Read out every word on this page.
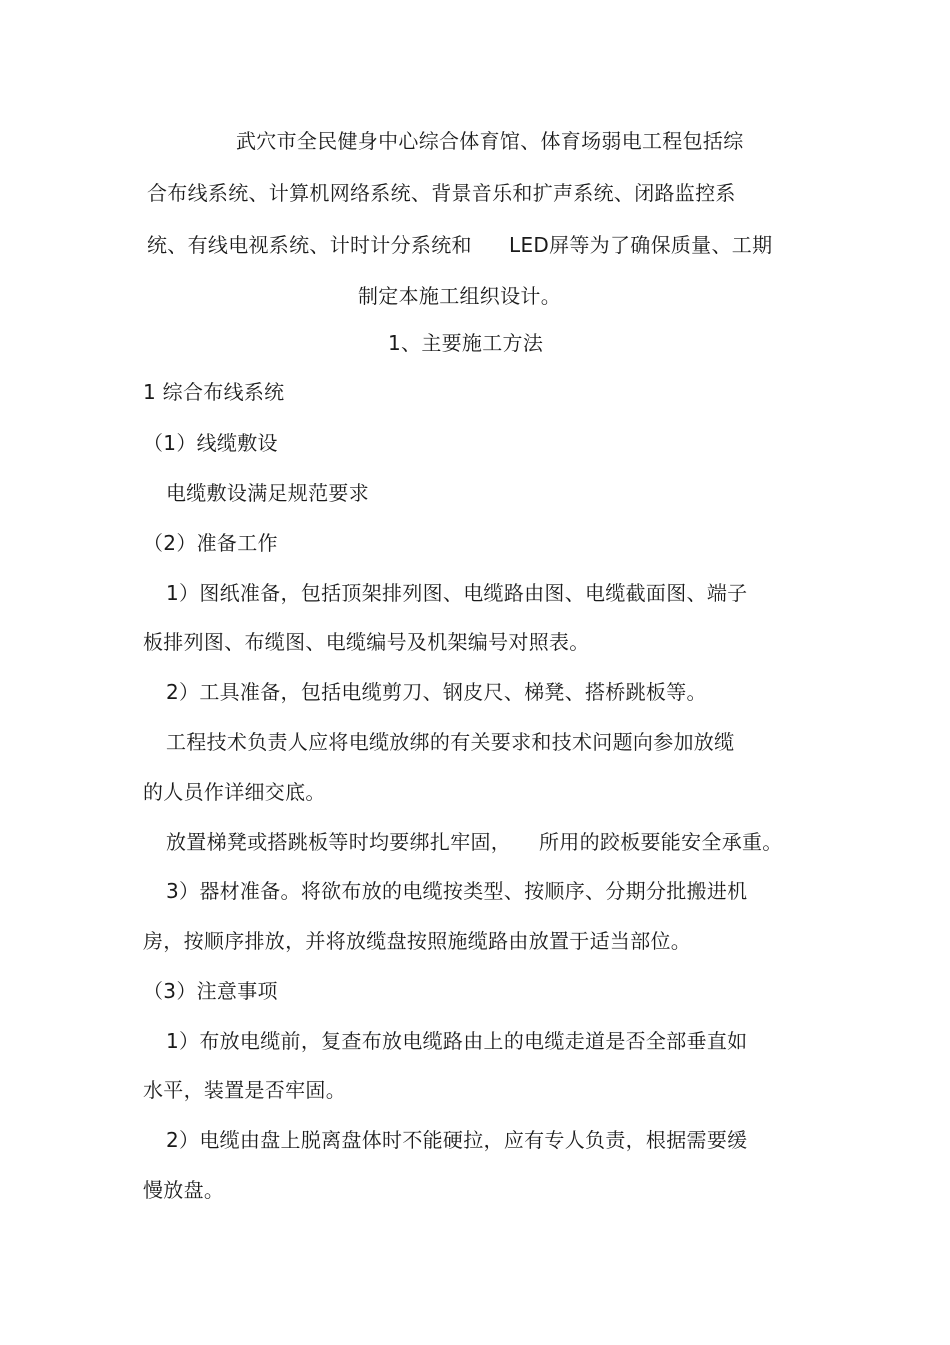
武穴市全民健身中心综合体育馆、体育场弱电工程包括综
合布线系统、计算机网络系统、背景音乐和扩声系统、闭路监控系
统、有线电视系统、计时计分系统和 LED屏等为了确保质量、工期
制定本施工组织设计。
1、主要施工方法
1 综合布线系统
（1）线缆敷设
电缆敷设满足规范要求
（2）准备工作
1）图纸准备，包括顶架排列图、电缆路由图、电缆截面图、端子
板排列图、布缆图、电缆编号及机架编号对照表。
2）工具准备，包括电缆剪刀、钢皮尺、梯凳、搭桥跳板等。
工程技术负责人应将电缆放绑的有关要求和技术问题向参加放缆
的人员作详细交底。
放置梯凳或搭跳板等时均要绑扎牢固， 所用的跤板要能安全承重。
3）器材准备。将欲布放的电缆按类型、按顺序、分期分批搬进机
房，按顺序排放，并将放缆盘按照施缆路由放置于适当部位。
（3）注意事项
1）布放电缆前，复查布放电缆路由上的电缆走道是否全部垂直如
水平，装置是否牢固。
2）电缆由盘上脱离盘体时不能硬拉，应有专人负责，根据需要缓
慢放盘。
